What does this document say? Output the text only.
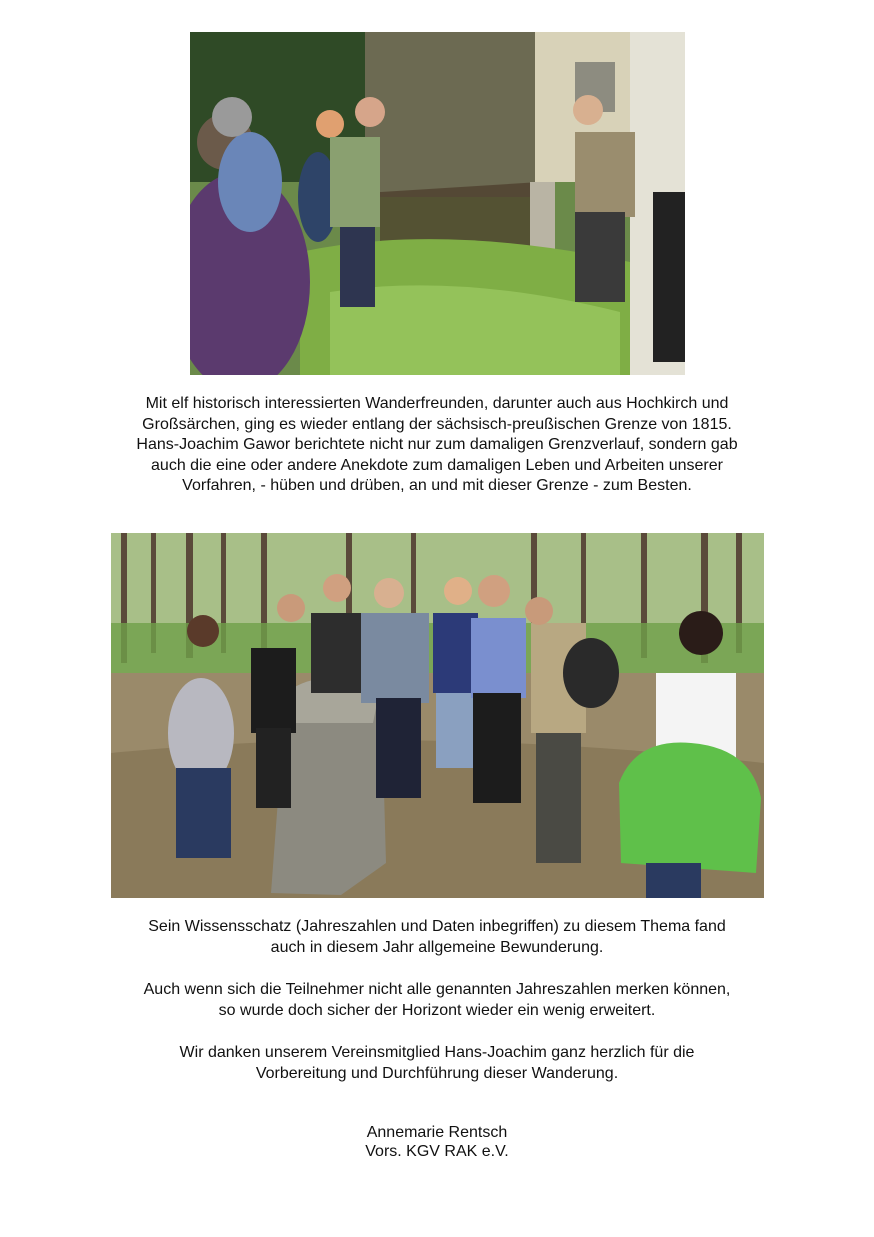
Mit elf historisch interessierten Wanderfreunden, darunter auch aus Hochkirch und
Großsärchen, ging es wieder entlang der sächsisch-preußischen Grenze von 1815.
Hans-Joachim Gawor berichtete nicht nur zum damaligen Grenzverlauf, sondern gab
auch die eine oder andere Anekdote zum damaligen Leben und Arbeiten unserer
Vorfahren, - hüben und drüben, an und mit dieser Grenze - zum Besten.
Sein Wissensschatz (Jahreszahlen und Daten inbegriffen) zu diesem Thema fand
auch in diesem Jahr allgemeine Bewunderung.
Auch wenn sich die Teilnehmer nicht alle genannten Jahreszahlen merken können,
so wurde doch sicher der Horizont wieder ein wenig erweitert.
Wir danken unserem Vereinsmitglied Hans-Joachim ganz herzlich für die
Vorbereitung und Durchführung dieser Wanderung.
Annemarie Rentsch
Vors. KGV RAK e.V.
